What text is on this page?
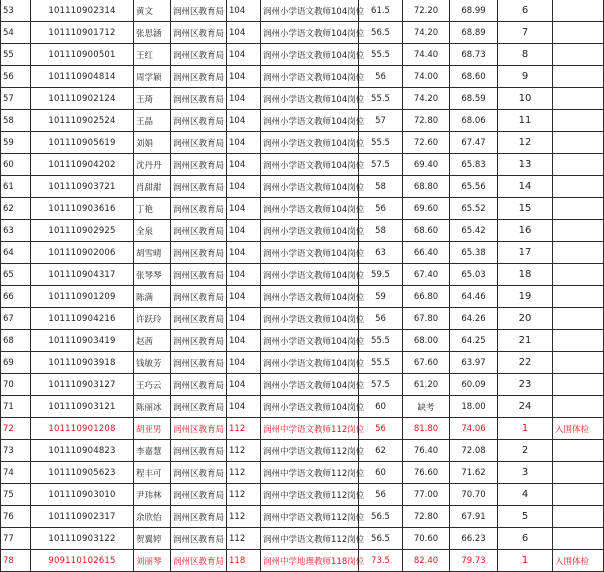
53	101110902314	黄文	润州区教育局	104	润州小学语文教师104岗位	61.5	72.20	68.99	6	
54	101110901712	张思涵	润州区教育局	104	润州小学语文教师104岗位	56.5	74.20	68.89	7	
55	101110900501	王红	润州区教育局	104	润州小学语文教师104岗位	55.5	74.40	68.73	8	
56	101110904814	周学颖	润州区教育局	104	润州小学语文教师104岗位	56	74.00	68.60	9	
57	101110902124	王琦	润州区教育局	104	润州小学语文教师104岗位	55.5	74.20	68.59	10	
58	101110902524	王晶	润州区教育局	104	润州小学语文教师104岗位	57	72.80	68.06	11	
59	101110905619	刘娟	润州区教育局	104	润州小学语文教师104岗位	55.5	72.60	67.47	12	
60	101110904202	沈丹丹	润州区教育局	104	润州小学语文教师104岗位	57.5	69.40	65.83	13	
61	101110903721	肖甜甜	润州区教育局	104	润州小学语文教师104岗位	58	68.80	65.56	14	
62	101110903616	丁艳	润州区教育局	104	润州小学语文教师104岗位	56	69.60	65.52	15	
63	101110902925	全泉	润州区教育局	104	润州小学语文教师104岗位	58	68.60	65.42	16	
64	101110902006	胡雪晴	润州区教育局	104	润州小学语文教师104岗位	63	66.40	65.38	17	
65	101110904317	张琴琴	润州区教育局	104	润州小学语文教师104岗位	59.5	67.40	65.03	18	
66	101110901209	陈满	润州区教育局	104	润州小学语文教师104岗位	59	66.80	64.46	19	
67	101110904216	许跃玲	润州区教育局	104	润州小学语文教师104岗位	56	67.80	64.26	20	
68	101110903419	赵茜	润州区教育局	104	润州小学语文教师104岗位	55.5	68.00	64.25	21	
69	101110903918	钱敏芳	润州区教育局	104	润州小学语文教师104岗位	55.5	67.60	63.97	22	
70	101110903127	王巧云	润州区教育局	104	润州小学语文教师104岗位	57.5	61.20	60.09	23	
71	101110903121	陈丽冰	润州区教育局	104	润州小学语文教师104岗位	60	缺考	18.00	24	
72	101110901208	胡亚男	润州区教育局	112	润州中学语文教师112岗位	56	81.80	74.06	1	入围体检
73	101110904823	李嘉慧	润州区教育局	112	润州中学语文教师112岗位	62	76.40	72.08	2	
74	101110905623	程丰可	润州区教育局	112	润州中学语文教师112岗位	60	76.60	71.62	3	
75	101110903010	尹玮林	润州区教育局	112	润州中学语文教师112岗位	56	77.00	70.70	4	
76	101110902317	余欣怡	润州区教育局	112	润州中学语文教师112岗位	56.5	72.80	67.91	5	
77	101110903122	贺翼婷	润州区教育局	112	润州中学语文教师112岗位	56.5	70.60	66.23	6	
78	909110102615	刘丽琴	润州区教育局	118	润州中学地理教师118岗位	73.5	82.40	79.73	1	入围体检
